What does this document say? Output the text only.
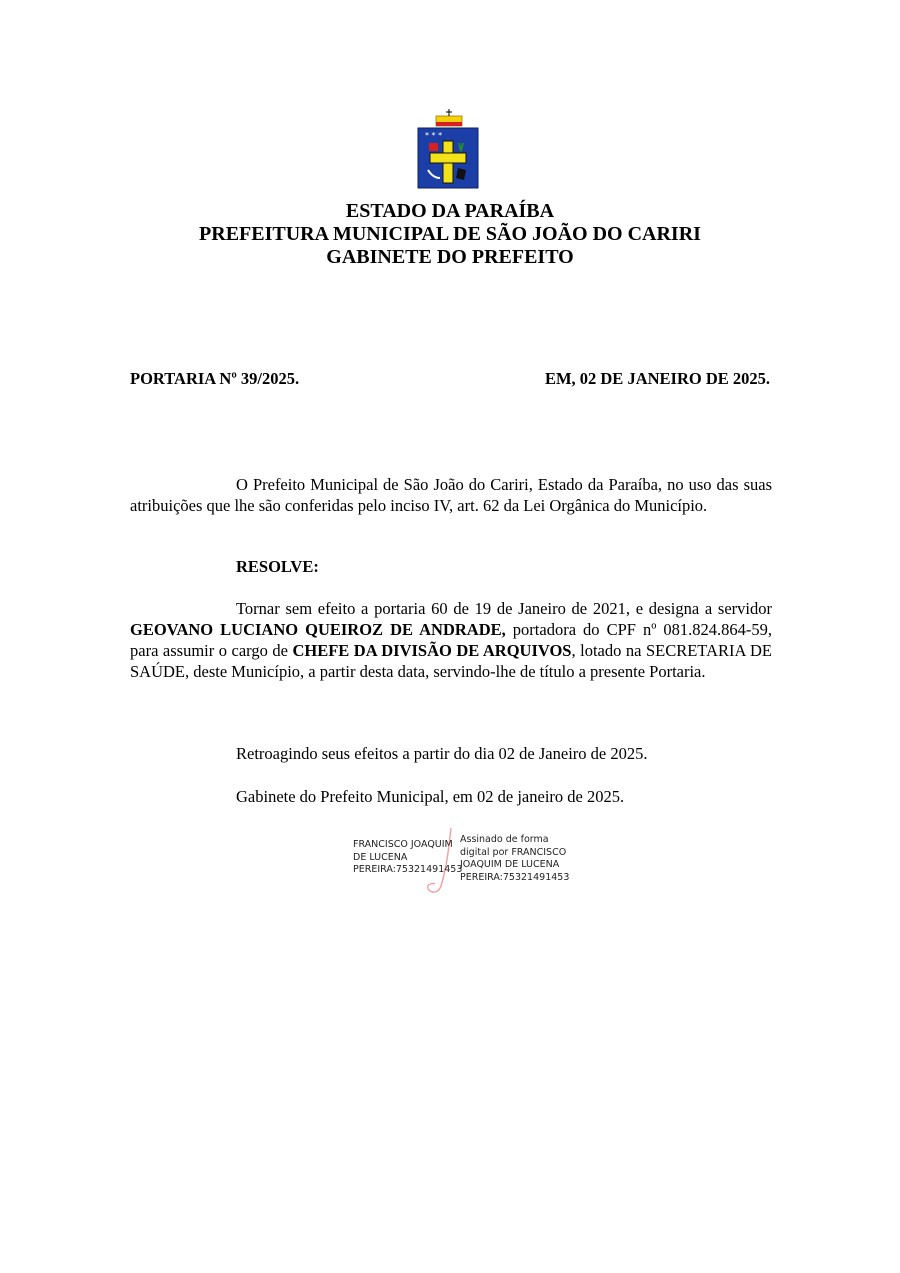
* * *
ESTADO DA PARAÍBA
PREFEITURA MUNICIPAL DE SÃO JOÃO DO CARIRI
GABINETE DO PREFEITO
PORTARIA Nº 39/2025.	EM, 02 DE JANEIRO DE 2025.
O Prefeito Municipal de São João do Cariri, Estado da Paraíba, no uso das suas atribuições que lhe são conferidas pelo inciso IV, art. 62 da Lei Orgânica do Município.
RESOLVE:
Tornar sem efeito a portaria 60 de 19 de Janeiro de 2021, e designa a servidor GEOVANO LUCIANO QUEIROZ DE ANDRADE, portadora do CPF nº 081.824.864-59, para assumir o cargo de CHEFE DA DIVISÃO DE ARQUIVOS, lotado na SECRETARIA DE SAÚDE, deste Município, a partir desta data, servindo-lhe de título a presente Portaria.
Retroagindo seus efeitos a partir do dia 02 de Janeiro de 2025.
Gabinete do Prefeito Municipal, em 02 de janeiro de 2025.
FRANCISCO JOAQUIM
DE LUCENA
PEREIRA:75321491453
Assinado de forma
digital por FRANCISCO
JOAQUIM DE LUCENA
PEREIRA:75321491453
